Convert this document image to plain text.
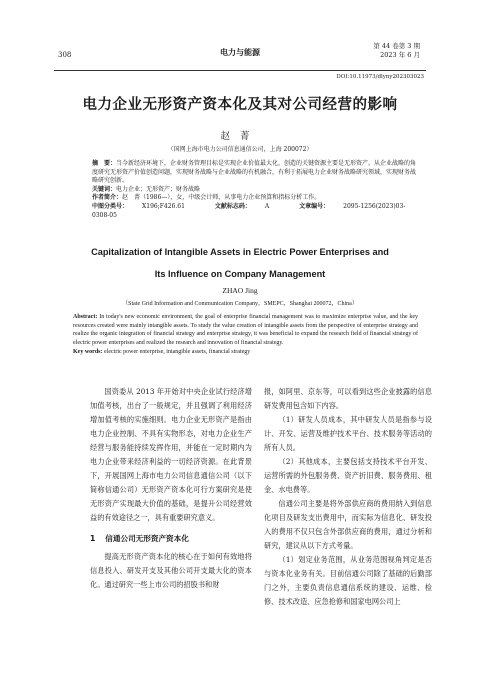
308	电力与能源
第 44 卷第 3 期
2023 年 6 月
DOI:10.11973/dlyny202303023
电力企业无形资产资本化及其对公司经营的影响
赵菁
（国网上海市电力公司信息通信公司，上海 200072）

摘　要：当今新经济环境下，企业财务管理目标是实现企业价值最大化，创造的关键资源主要是无形资产。从企业战略的角度研究无形资产价值创造问题，实现财务战略与企业战略的有机融合，有利于拓展电力企业财务战略研究领域，实现财务战略研究创新。

关键词：电力企业；无形资产；财务战略

作者简介：赵　菁（1986—），女，中级会计师，从事电力企业预算和指标分析工作。

中图分类号： X196;F426.61	文献标志码： A	文章编号： 2095-1256(2023)03-0308-05

Capitalization of Intangible Assets in Electric Power Enterprises and
Its Influence on Company Management
ZHAO Jing
（State Grid Information and Communication Company，SMEPC，Shanghai 200072，China）

Abstract: In today's new economic environment, the goal of enterprise financial management was to maximize enterprise value, and the key resources created were mainly intangible assets. To study the value creation of intangible assets from the perspective of enterprise strategy and realize the organic integration of financial strategy and enterprise strategy, it was beneficial to expand the research field of financial strategy of electric power enterprises and realized the research and innovation of financial strategy.

Key words: electric power enterprise, intangible assets, financial strategy

国资委从 2013 年开始对中央企业试行经济增加值考核，出台了一般规定，并且强调了利用经济增加值考核的实施细则。电力企业无形资产是指由电力企业控制、不具有实物形态，对电力企业生产经营与服务能持续发挥作用，并能在一定时期内为电力企业带来经济利益的一切经济资源。在此背景下，开展国网上海市电力公司信息通信公司（以下简称信通公司）无形资产资本化可行方案研究是使无形资产实现最大价值的基础，是提升公司经营效益的有效途径之一，具有重要研究意义。

1 信通公司无形资产资本化

提高无形资产资本化的核心在于如何有效地将信息投入、研发开支及其他公司开支最大化的资本化。通过研究一些上市公司的招股书和财

报，如阿里、京东等，可以看到这些企业披露的信息研发费用包含如下内容。

（1）研发人员成本，其中研发人员是指参与设计、开发、运营及维护技术平台、技术服务等活动的所有人员。

（2）其他成本，主要包括支持技术平台开发、运营所需的外包服务费、资产折旧费、服务费用、租金、水电费等。

信通公司主要是将外部供应商的费用纳入到信息化项目及研发支出费用中，而实际为信息化、研发投入的费用不仅只包含外部供应商的费用，通过分析和研究，建议从以下方式考量。

（1）划定业务范围，从业务范围视角判定是否与资本化业务有关。目前信通公司除了基础的后勤部门之外，主要负责信息通信系统的建设、运维、检修、技术改造、应急抢修和国家电网公司上
